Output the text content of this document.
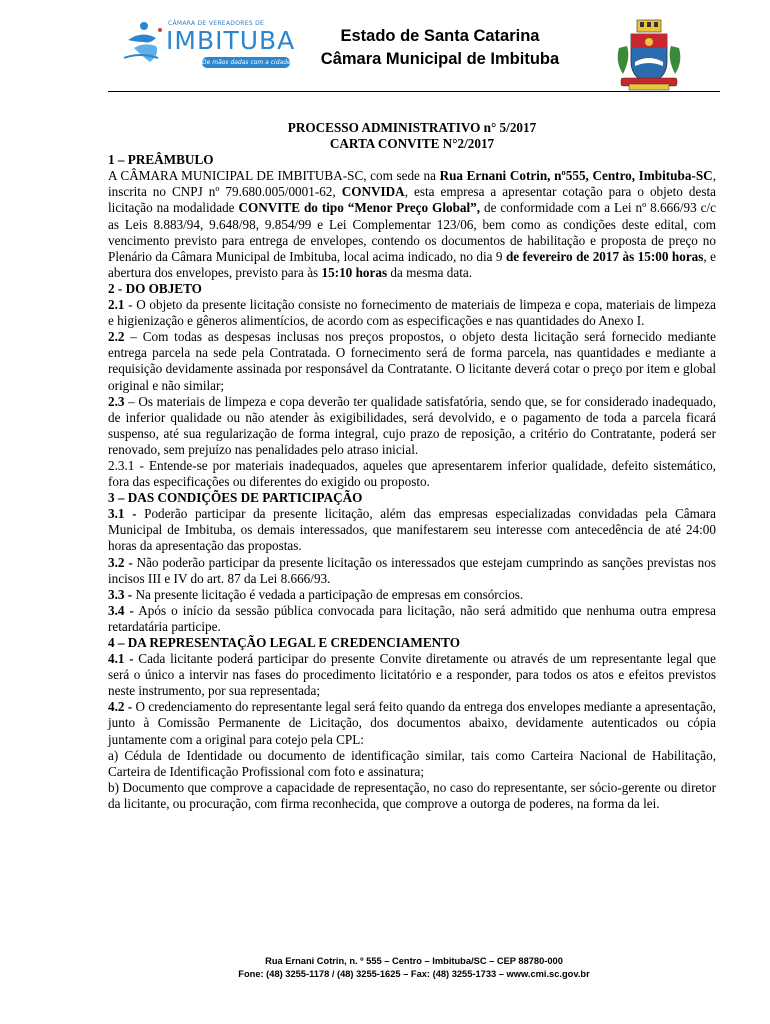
CÂMARA DE VEREADORES DE
IMBITUBA
De mãos dadas com a cidade
Estado de Santa Catarina
Câmara Municipal de Imbituba
PROCESSO ADMINISTRATIVO n° 5/2017
CARTA CONVITE N°2/2017

1 – PREÂMBULO

A CÂMARA MUNICIPAL DE IMBITUBA-SC, com sede na Rua Ernani Cotrin, nº555, Centro, Imbituba-SC, inscrita no CNPJ nº 79.680.005/0001-62, CONVIDA, esta empresa a apresentar cotação para o objeto desta licitação na modalidade CONVITE do tipo “Menor Preço Global”, de conformidade com a Lei nº 8.666/93 c/c as Leis 8.883/94, 9.648/98, 9.854/99 e Lei Complementar 123/06, bem como as condições deste edital, com vencimento previsto para entrega de envelopes, contendo os documentos de habilitação e proposta de preço no Plenário da Câmara Municipal de Imbituba, local acima indicado, no dia 9 de fevereiro de 2017 às 15:00 horas, e abertura dos envelopes, previsto para às 15:10 horas da mesma data.

2 - DO OBJETO

2.1 - O objeto da presente licitação consiste no fornecimento de materiais de limpeza e copa, materiais de limpeza e higienização e gêneros alimentícios, de acordo com as especificações e nas quantidades do Anexo I.

2.2 – Com todas as despesas inclusas nos preços propostos, o objeto desta licitação será fornecido mediante entrega parcela na sede pela Contratada. O fornecimento será de forma parcela, nas quantidades e mediante a requisição devidamente assinada por responsável da Contratante. O licitante deverá cotar o preço por item e global original e não similar;

2.3 – Os materiais de limpeza e copa deverão ter qualidade satisfatória, sendo que, se for considerado inadequado, de inferior qualidade ou não atender às exigibilidades, será devolvido, e o pagamento de toda a parcela ficará suspenso, até sua regularização de forma integral, cujo prazo de reposição, a critério do Contratante, poderá ser renovado, sem prejuízo nas penalidades pelo atraso inicial.

2.3.1 - Entende-se por materiais inadequados, aqueles que apresentarem inferior qualidade, defeito sistemático, fora das especificações ou diferentes do exigido ou proposto.

3 – DAS CONDIÇÕES DE PARTICIPAÇÃO

3.1 - Poderão participar da presente licitação, além das empresas especializadas convidadas pela Câmara Municipal de Imbituba, os demais interessados, que manifestarem seu interesse com antecedência de até 24:00 horas da apresentação das propostas.

3.2 - Não poderão participar da presente licitação os interessados que estejam cumprindo as sanções previstas nos incisos III e IV do art. 87 da Lei 8.666/93.

3.3 - Na presente licitação é vedada a participação de empresas em consórcios.

3.4 - Após o início da sessão pública convocada para licitação, não será admitido que nenhuma outra empresa retardatária participe.

4 – DA REPRESENTAÇÃO LEGAL E CREDENCIAMENTO

4.1 - Cada licitante poderá participar do presente Convite diretamente ou através de um representante legal que será o único a intervir nas fases do procedimento licitatório e a responder, para todos os atos e efeitos previstos neste instrumento, por sua representada;

4.2 - O credenciamento do representante legal será feito quando da entrega dos envelopes mediante a apresentação, junto à Comissão Permanente de Licitação, dos documentos abaixo, devidamente autenticados ou cópia juntamente com a original para cotejo pela CPL:

a) Cédula de Identidade ou documento de identificação similar, tais como Carteira Nacional de Habilitação, Carteira de Identificação Profissional com foto e assinatura;

b) Documento que comprove a capacidade de representação, no caso do representante, ser sócio-gerente ou diretor da licitante, ou procuração, com firma reconhecida, que comprove a outorga de poderes, na forma da lei.

Rua Ernani Cotrin, n. º 555 – Centro – Imbituba/SC – CEP 88780-000
Fone: (48) 3255-1178 / (48) 3255-1625 – Fax: (48) 3255-1733 – www.cmi.sc.gov.br
